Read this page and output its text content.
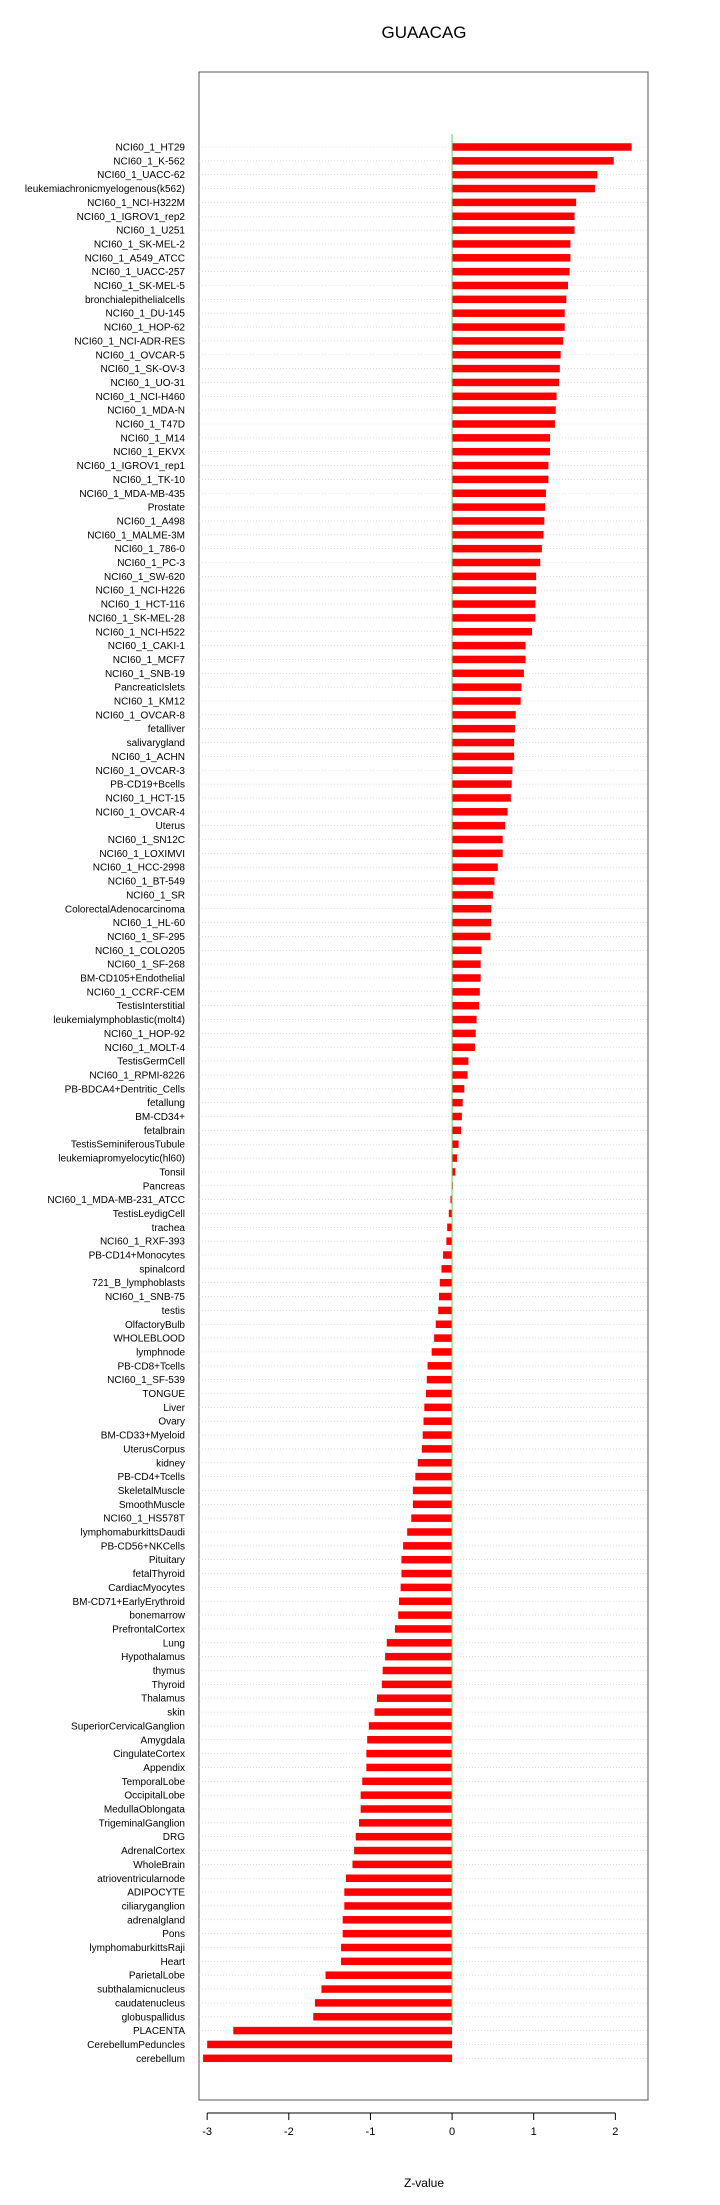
GUAACAG
NCI60_1_HT29
NCI60_1_K-562
NCI60_1_UACC-62
leukemiachronicmyelogenous(k562)
NCI60_1_NCI-H322M
NCI60_1_IGROV1_rep2
NCI60_1_U251
NCI60_1_SK-MEL-2
NCI60_1_A549_ATCC
NCI60_1_UACC-257
NCI60_1_SK-MEL-5
bronchialepithelialcells
NCI60_1_DU-145
NCI60_1_HOP-62
NCI60_1_NCI-ADR-RES
NCI60_1_OVCAR-5
NCI60_1_SK-OV-3
NCI60_1_UO-31
NCI60_1_NCI-H460
NCI60_1_MDA-N
NCI60_1_T47D
NCI60_1_M14
NCI60_1_EKVX
NCI60_1_IGROV1_rep1
NCI60_1_TK-10
NCI60_1_MDA-MB-435
Prostate
NCI60_1_A498
NCI60_1_MALME-3M
NCI60_1_786-0
NCI60_1_PC-3
NCI60_1_SW-620
NCI60_1_NCI-H226
NCI60_1_HCT-116
NCI60_1_SK-MEL-28
NCI60_1_NCI-H522
NCI60_1_CAKI-1
NCI60_1_MCF7
NCI60_1_SNB-19
PancreaticIslets
NCI60_1_KM12
NCI60_1_OVCAR-8
fetalliver
salivarygland
NCI60_1_ACHN
NCI60_1_OVCAR-3
PB-CD19+Bcells
NCI60_1_HCT-15
NCI60_1_OVCAR-4
Uterus
NCI60_1_SN12C
NCI60_1_LOXIMVI
NCI60_1_HCC-2998
NCI60_1_BT-549
NCI60_1_SR
ColorectalAdenocarcinoma
NCI60_1_HL-60
NCI60_1_SF-295
NCI60_1_COLO205
NCI60_1_SF-268
BM-CD105+Endothelial
NCI60_1_CCRF-CEM
TestisInterstitial
leukemialymphoblastic(molt4)
NCI60_1_HOP-92
NCI60_1_MOLT-4
TestisGermCell
NCI60_1_RPMI-8226
PB-BDCA4+Dentritic_Cells
fetallung
BM-CD34+
fetalbrain
TestisSeminiferousTubule
leukemiapromyelocytic(hl60)
Tonsil
Pancreas
NCI60_1_MDA-MB-231_ATCC
TestisLeydigCell
trachea
NCI60_1_RXF-393
PB-CD14+Monocytes
spinalcord
721_B_lymphoblasts
NCI60_1_SNB-75
testis
OlfactoryBulb
WHOLEBLOOD
lymphnode
PB-CD8+Tcells
NCI60_1_SF-539
TONGUE
Liver
Ovary
BM-CD33+Myeloid
UterusCorpus
kidney
PB-CD4+Tcells
SkeletalMuscle
SmoothMuscle
NCI60_1_HS578T
lymphomaburkittsDaudi
PB-CD56+NKCells
Pituitary
fetalThyroid
CardiacMyocytes
BM-CD71+EarlyErythroid
bonemarrow
PrefrontalCortex
Lung
Hypothalamus
thymus
Thyroid
Thalamus
skin
SuperiorCervicalGanglion
Amygdala
CingulateCortex
Appendix
TemporalLobe
OccipitalLobe
MedullaOblongata
TrigeminalGanglion
DRG
AdrenalCortex
WholeBrain
atrioventricularnode
ADIPOCYTE
ciliaryganglion
adrenalgland
Pons
lymphomaburkittsRaji
Heart
ParietalLobe
subthalamicnucleus
caudatenucleus
globuspallidus
PLACENTA
CerebellumPeduncles
cerebellum
-3	-2	-1	0	1	2
Z-value
